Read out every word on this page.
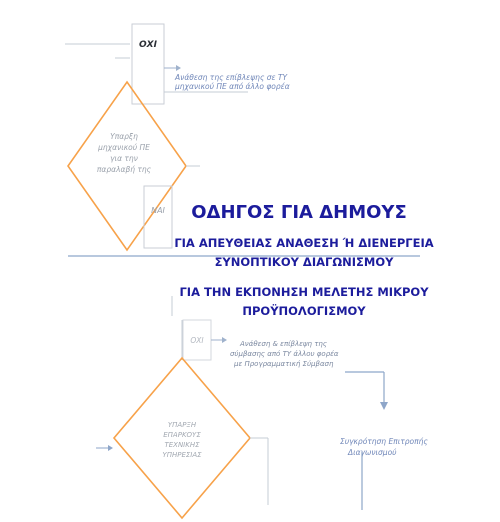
ΟΧΙ
Ανάθεση της επίβλεψης σε ΤΥ
μηχανικού ΠΕ από άλλο φορέα
Υπαρξη
μηχανικού ΠΕ
για την
παραλαβή της
ΝΑΙ
ΟΧΙ	Ανάθεση & επίβλεψη της
σύμβασης από ΤΥ άλλου φορέα
με Προγραμματική Σύμβαση
Συγκρότηση Επιτροπής
Διαγωνισμού
ΥΠΑΡΞΗ
ΕΠΑΡΚΟΥΣ
ΤΕΧΝΙΚΗΣ
ΥΠΗΡΕΣΙΑΣ
ΟΔΗΓΟΣ ΓΙΑ ΔΗΜΟΥΣ
ΓΙΑ ΑΠΕΥΘΕΙΑΣ ΑΝΑΘΕΣΗ Ή ΔΙΕΝΕΡΓΕΙΑ
ΣΥΝΟΠΤΙΚΟΥ ΔΙΑΓΩΝΙΣΜΟΥ
ΓΙΑ ΤΗΝ ΕΚΠΟΝΗΣΗ ΜΕΛΕΤΗΣ ΜΙΚΡΟΥ
ΠΡΟΫΠΟΛΟΓΙΣΜΟΥ
